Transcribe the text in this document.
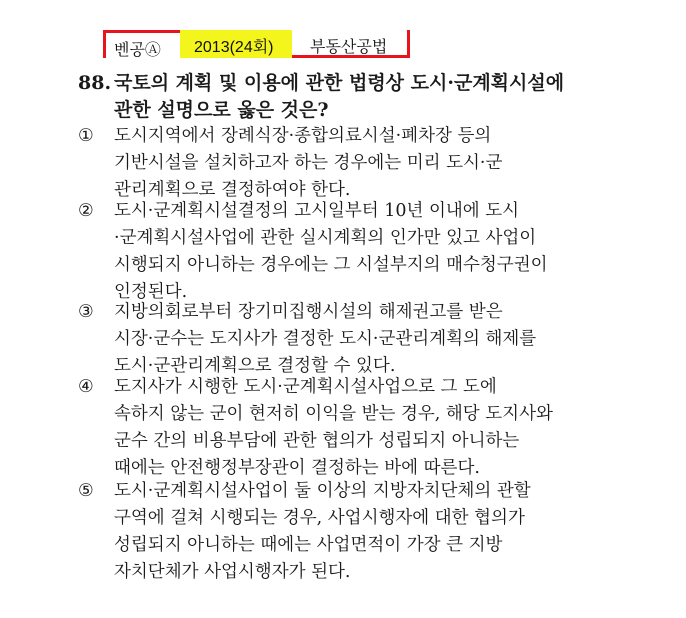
벤공Ⓐ 2013(24회) 부동산공법
88. 국토의 계획 및 이용에 관한 법령상 도시·군계획시설에
관한 설명으로 옳은 것은?
①	도시지역에서 장례식장·종합의료시설·폐차장 등의
기반시설을 설치하고자 하는 경우에는 미리 도시·군
관리계획으로 결정하여야 한다.
②	도시·군계획시설결정의 고시일부터 10년 이내에 도시
·군계획시설사업에 관한 실시계획의 인가만 있고 사업이
시행되지 아니하는 경우에는 그 시설부지의 매수청구권이
인정된다.
③	지방의회로부터 장기미집행시설의 해제권고를 받은
시장·군수는 도지사가 결정한 도시·군관리계획의 해제를
도시·군관리계획으로 결정할 수 있다.
④	도지사가 시행한 도시·군계획시설사업으로 그 도에
속하지 않는 군이 현저히 이익을 받는 경우, 해당 도지사와
군수 간의 비용부담에 관한 협의가 성립되지 아니하는
때에는 안전행정부장관이 결정하는 바에 따른다.
⑤	도시·군계획시설사업이 둘 이상의 지방자치단체의 관할
구역에 걸쳐 시행되는 경우, 사업시행자에 대한 협의가
성립되지 아니하는 때에는 사업면적이 가장 큰 지방
자치단체가 사업시행자가 된다.
